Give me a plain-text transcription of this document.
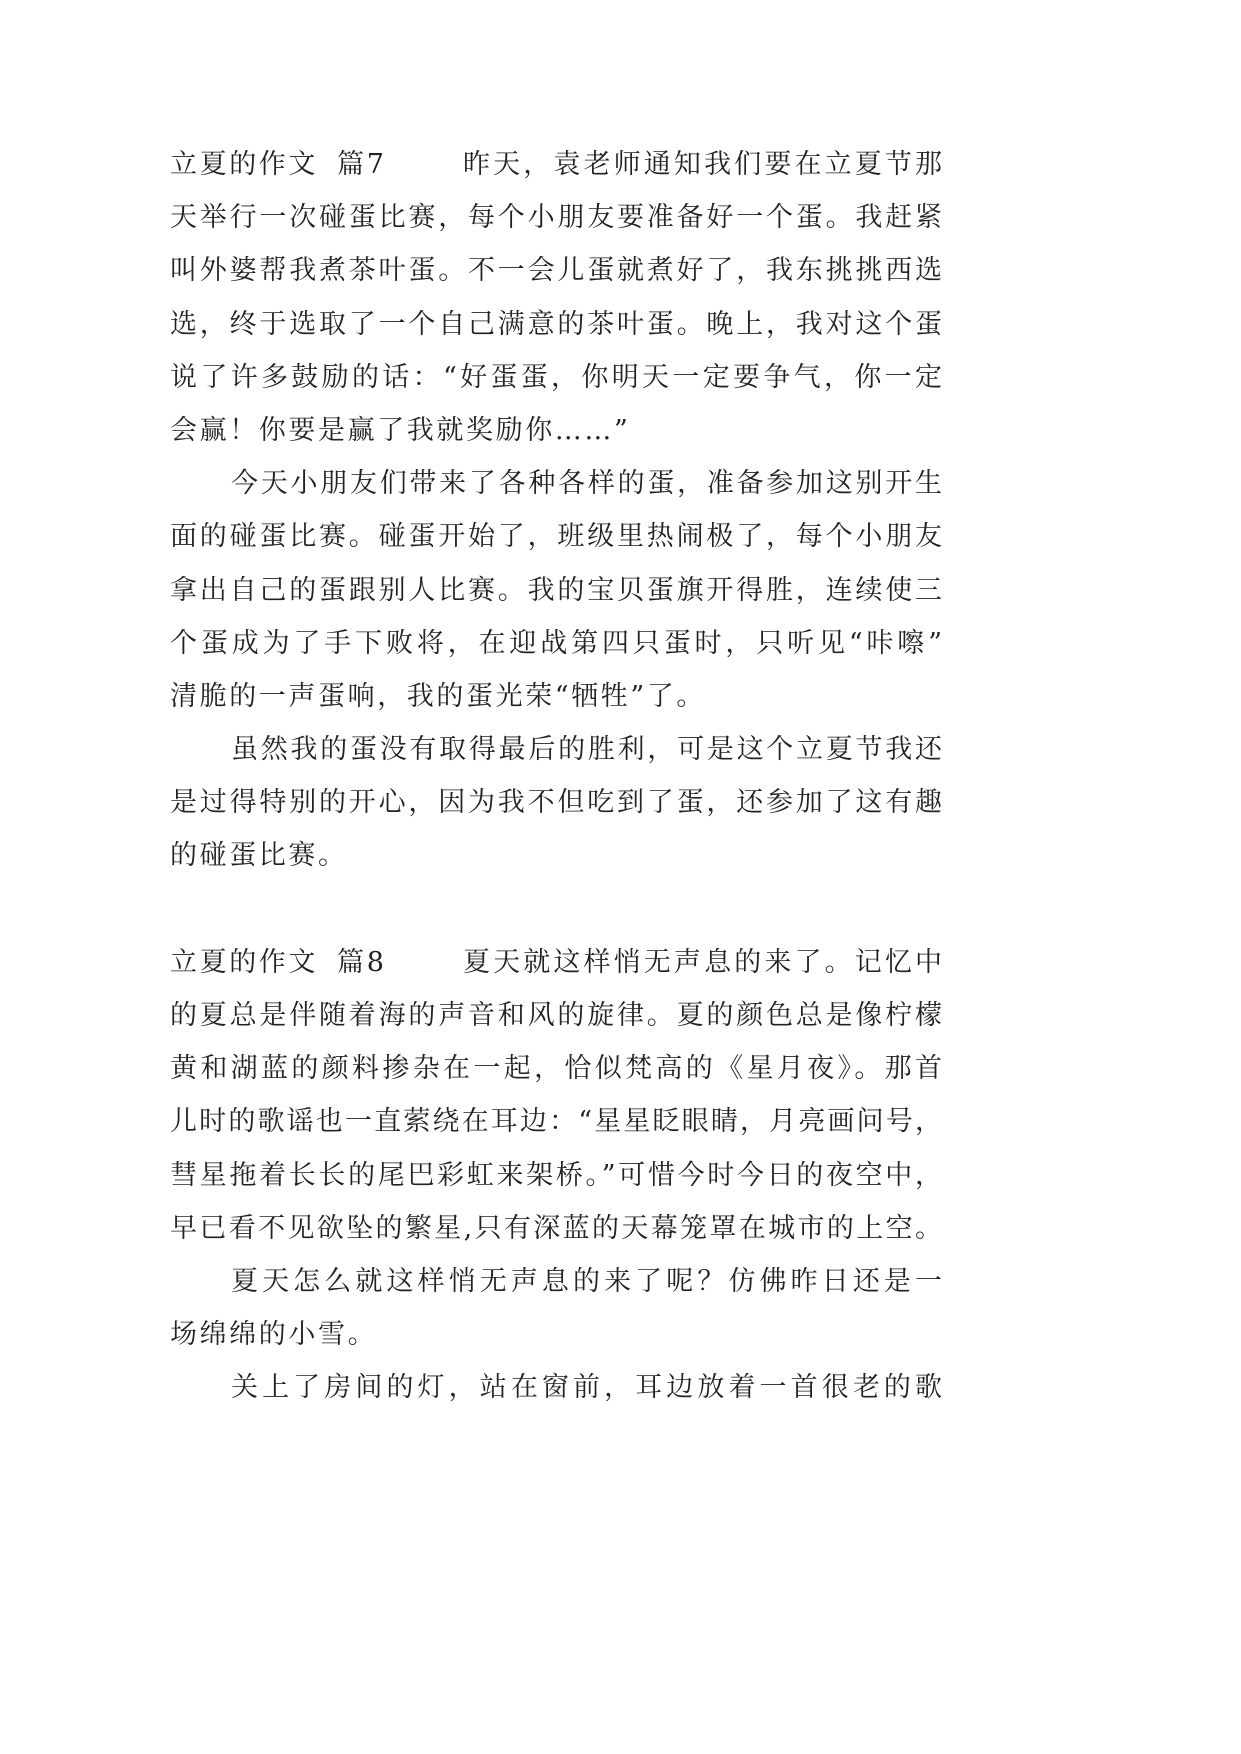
立夏的作文 篇7	昨天，袁老师通知我们要在立夏节那
天举行一次碰蛋比赛，每个小朋友要准备好一个蛋。我赶紧
叫外婆帮我煮茶叶蛋。不一会儿蛋就煮好了，我东挑挑西选
选，终于选取了一个自己满意的茶叶蛋。晚上，我对这个蛋
说了许多鼓励的话：“好蛋蛋，你明天一定要争气，你一定
会赢！你要是赢了我就奖励你……”
今天小朋友们带来了各种各样的蛋，准备参加这别开生
面的碰蛋比赛。碰蛋开始了，班级里热闹极了，每个小朋友
拿出自己的蛋跟别人比赛。我的宝贝蛋旗开得胜，连续使三
个蛋成为了手下败将，在迎战第四只蛋时，只听见“咔嚓”
清脆的一声蛋响，我的蛋光荣“牺牲”了。
虽然我的蛋没有取得最后的胜利，可是这个立夏节我还
是过得特别的开心，因为我不但吃到了蛋，还参加了这有趣
的碰蛋比赛。
立夏的作文 篇8	夏天就这样悄无声息的来了。记忆中
的夏总是伴随着海的声音和风的旋律。夏的颜色总是像柠檬
黄和湖蓝的颜料掺杂在一起，恰似梵高的《星月夜》。那首
儿时的歌谣也一直萦绕在耳边：“星星眨眼睛，月亮画问号，
彗星拖着长长的尾巴彩虹来架桥。”可惜今时今日的夜空中，
早已看不见欲坠的繁星,只有深蓝的天幕笼罩在城市的上空。
夏天怎么就这样悄无声息的来了呢？仿佛昨日还是一
场绵绵的小雪。
关上了房间的灯，站在窗前，耳边放着一首很老的歌
